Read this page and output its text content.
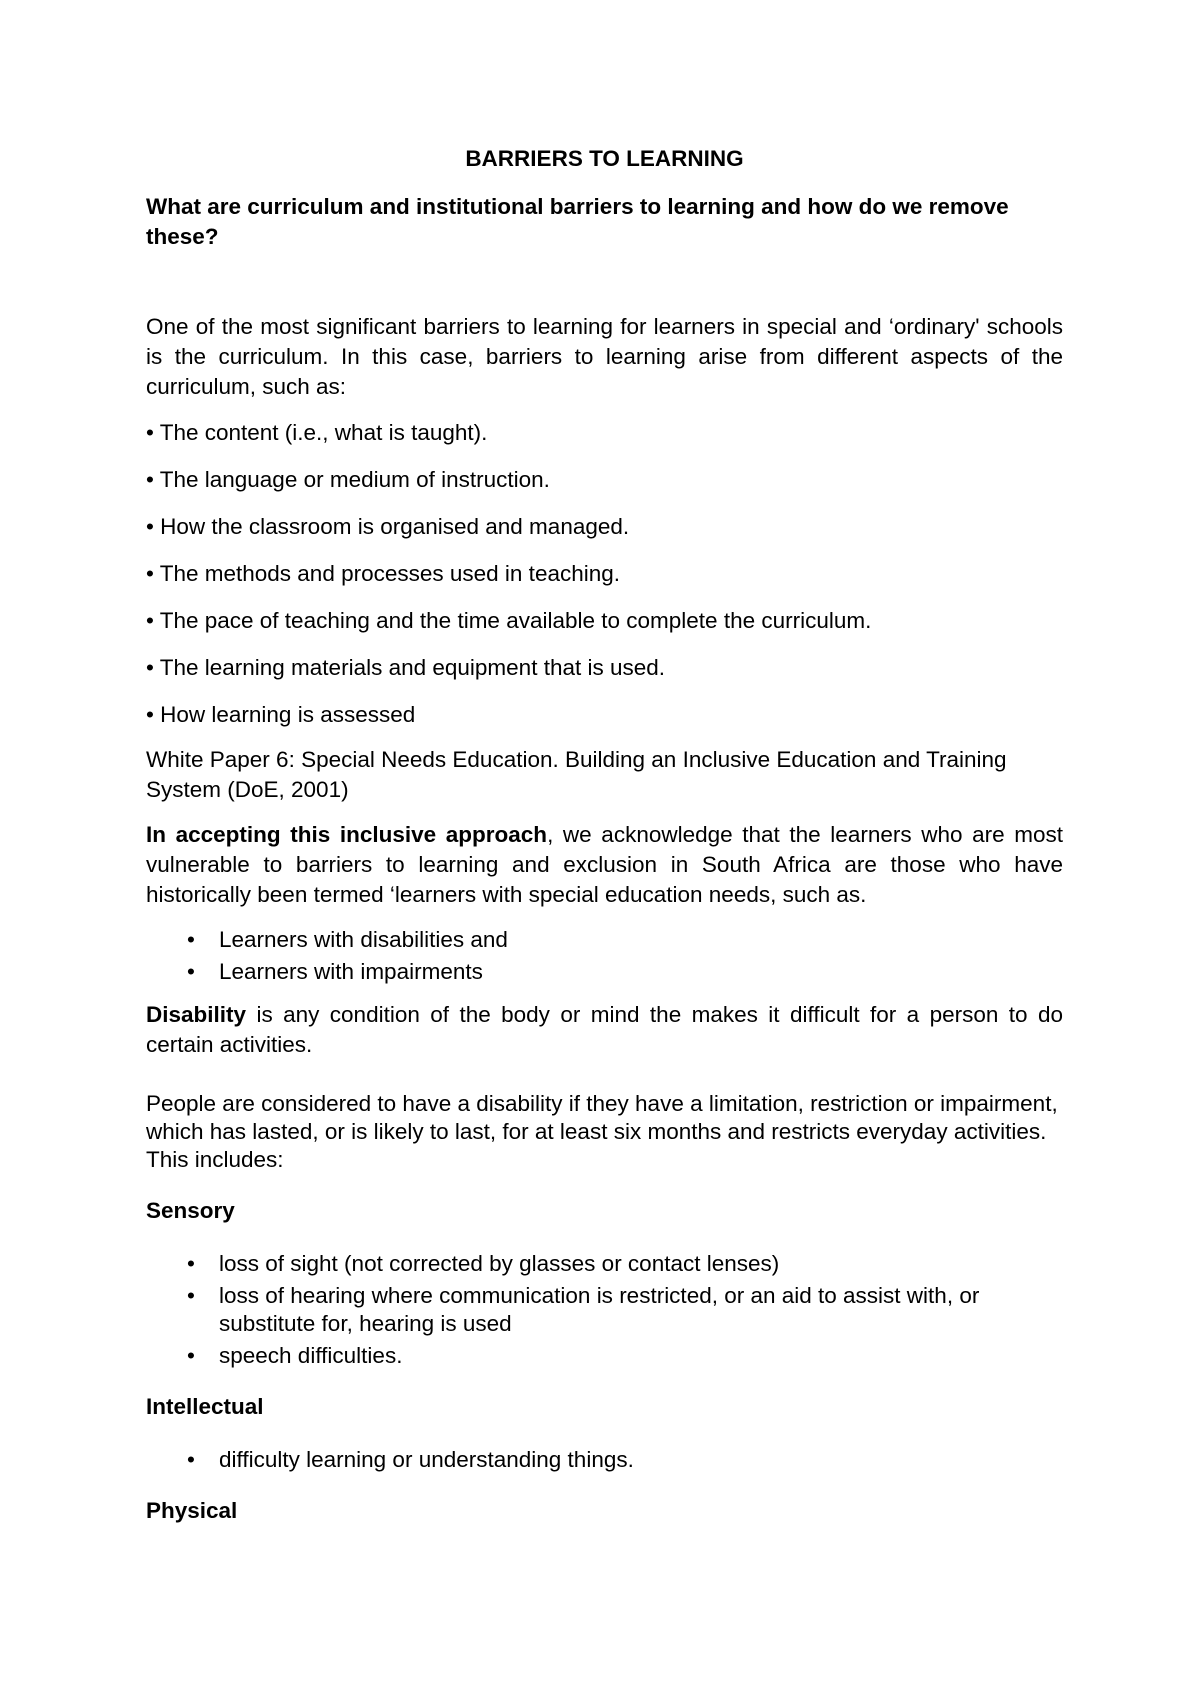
BARRIERS TO LEARNING
What are curriculum and institutional barriers to learning and how do we remove these?
One of the most significant barriers to learning for learners in special and ‘ordinary' schools is the curriculum. In this case, barriers to learning arise from different aspects of the curriculum, such as:
• The content (i.e., what is taught).
• The language or medium of instruction.
• How the classroom is organised and managed.
• The methods and processes used in teaching.
• The pace of teaching and the time available to complete the curriculum.
• The learning materials and equipment that is used.
• How learning is assessed
White Paper 6: Special Needs Education. Building an Inclusive Education and Training System (DoE, 2001)
In accepting this inclusive approach, we acknowledge that the learners who are most vulnerable to barriers to learning and exclusion in South Africa are those who have historically been termed ‘learners with special education needs, such as.
• Learners with disabilities and
• Learners with impairments
Disability is any condition of the body or mind the makes it difficult for a person to do certain activities.
People are considered to have a disability if they have a limitation, restriction or impairment, which has lasted, or is likely to last, for at least six months and restricts everyday activities. This includes:
Sensory
• loss of sight (not corrected by glasses or contact lenses)
• loss of hearing where communication is restricted, or an aid to assist with, or substitute for, hearing is used
• speech difficulties.
Intellectual
• difficulty learning or understanding things.
Physical
